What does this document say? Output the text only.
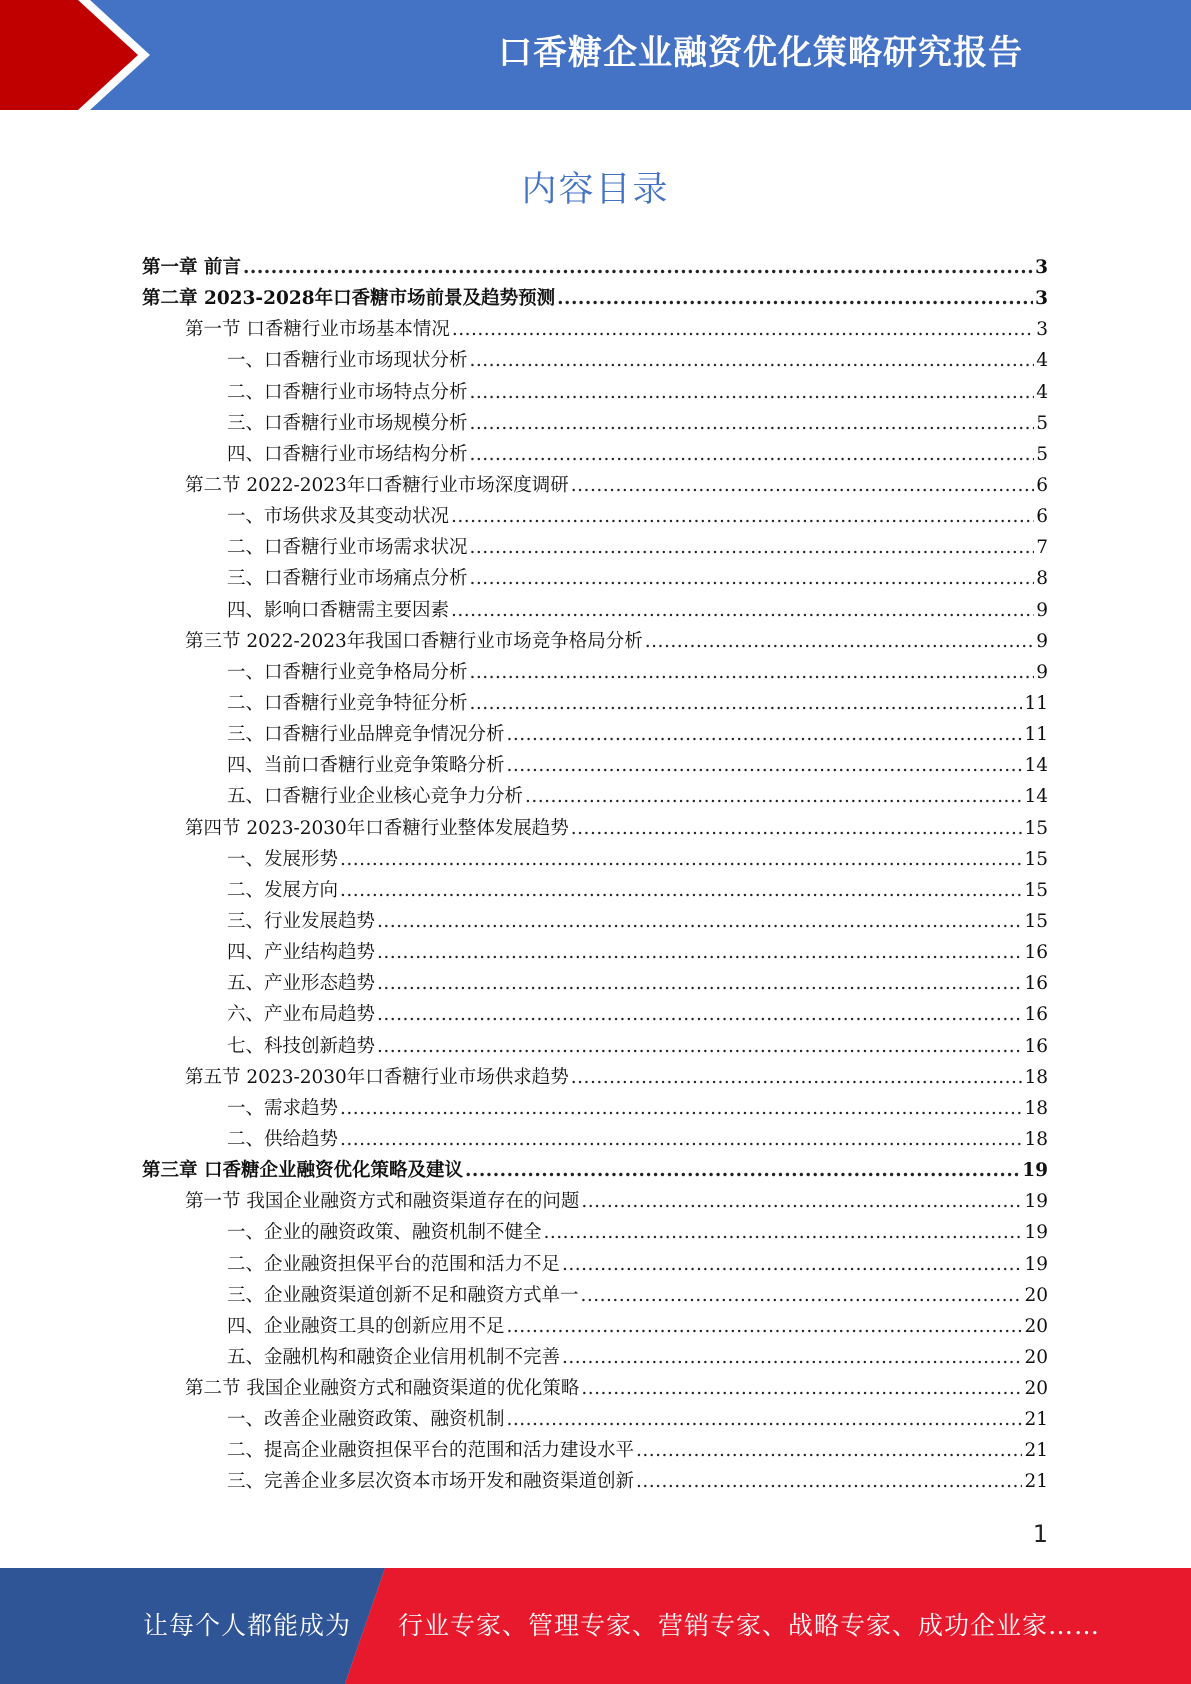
口香糖企业融资优化策略研究报告
内容目录
第一章 前言 .....	3
第二章 2023-2028年口香糖市场前景及趋势预测 .....	3
第一节 口香糖行业市场基本情况 .....	3
一、口香糖行业市场现状分析 .....	4
二、口香糖行业市场特点分析 .....	4
三、口香糖行业市场规模分析 .....	5
四、口香糖行业市场结构分析 .....	5
第二节 2022-2023年口香糖行业市场深度调研 .....	6
一、市场供求及其变动状况 .....	6
二、口香糖行业市场需求状况 .....	7
三、口香糖行业市场痛点分析 .....	8
四、影响口香糖需主要因素 .....	9
第三节 2022-2023年我国口香糖行业市场竞争格局分析 .....	9
一、口香糖行业竞争格局分析 .....	9
二、口香糖行业竞争特征分析 .....	11
三、口香糖行业品牌竞争情况分析 .....	11
四、当前口香糖行业竞争策略分析 .....	14
五、口香糖行业企业核心竞争力分析 .....	14
第四节 2023-2030年口香糖行业整体发展趋势 .....	15
一、发展形势 .....	15
二、发展方向 .....	15
三、行业发展趋势 .....	15
四、产业结构趋势 .....	16
五、产业形态趋势 .....	16
六、产业布局趋势 .....	16
七、科技创新趋势 .....	16
第五节 2023-2030年口香糖行业市场供求趋势 .....	18
一、需求趋势 .....	18
二、供给趋势 .....	18
第三章 口香糖企业融资优化策略及建议 .....	19
第一节 我国企业融资方式和融资渠道存在的问题 .....	19
一、企业的融资政策、融资机制不健全 .....	19
二、企业融资担保平台的范围和活力不足 .....	19
三、企业融资渠道创新不足和融资方式单一 .....	20
四、企业融资工具的创新应用不足 .....	20
五、金融机构和融资企业信用机制不完善 .....	20
第二节 我国企业融资方式和融资渠道的优化策略 .....	20
一、改善企业融资政策、融资机制 .....	21
二、提高企业融资担保平台的范围和活力建设水平 .....	21
三、完善企业多层次资本市场开发和融资渠道创新 .....	21
1
让每个人都能成为 行业专家、管理专家、营销专家、战略专家、成功企业家……
